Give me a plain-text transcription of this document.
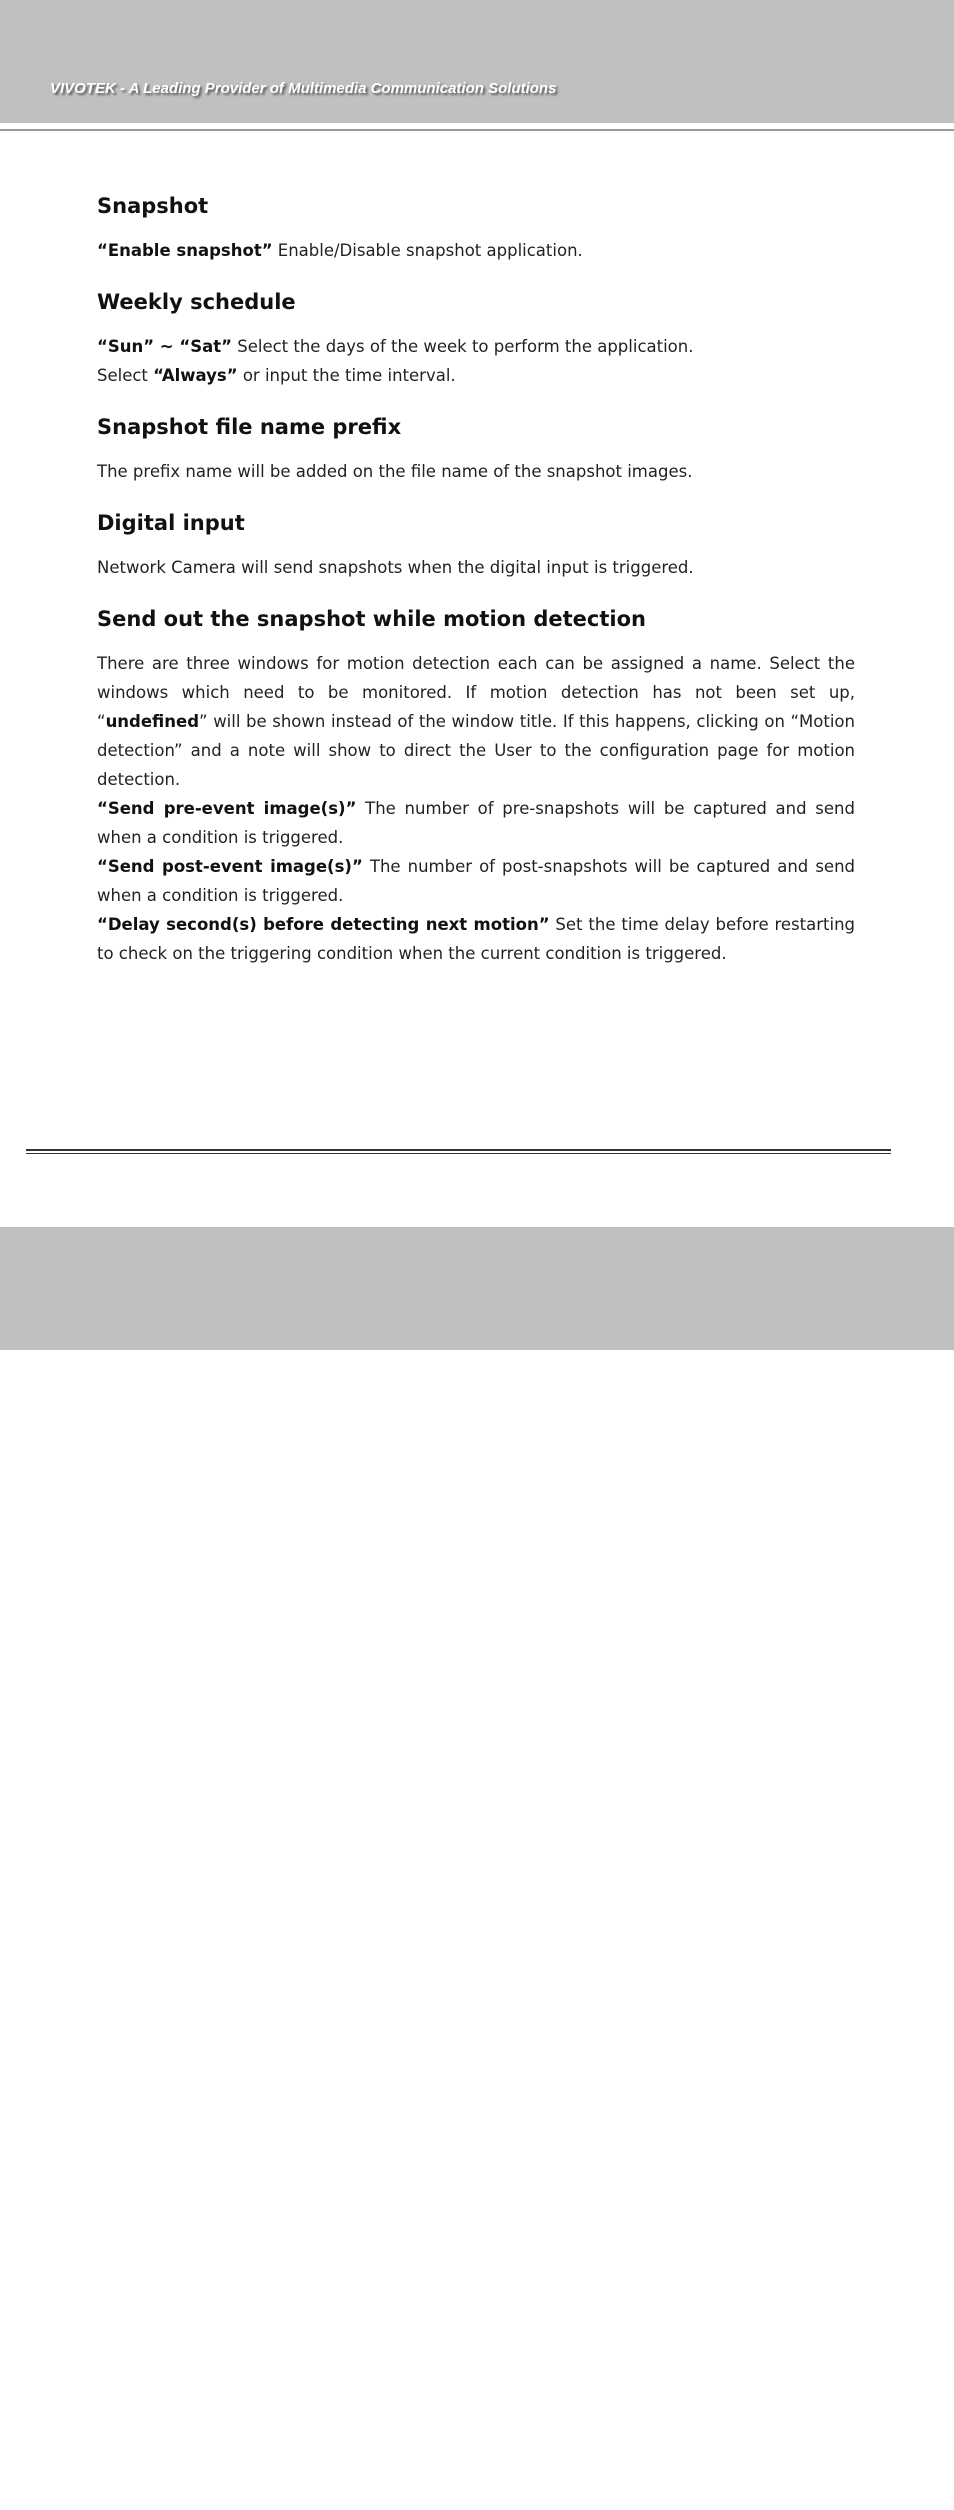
VIVOTEK - A Leading Provider of Multimedia Communication Solutions
Snapshot

“Enable snapshot” Enable/Disable snapshot application.

Weekly schedule

“Sun” ~ “Sat” Select the days of the week to perform the application.

Select “Always” or input the time interval.

Snapshot file name prefix

The prefix name will be added on the file name of the snapshot images.

Digital input

Network Camera will send snapshots when the digital input is triggered.

Send out the snapshot while motion detection

There are three windows for motion detection each can be assigned a name. Select the windows which need to be monitored. If motion detection has not been set up, “undefined” will be shown instead of the window title. If this happens, clicking on “Motion detection” and a note will show to direct the User to the configuration page for motion detection.

“Send pre-event image(s)” The number of pre-snapshots will be captured and send when a condition is triggered.

“Send post-event image(s)” The number of post-snapshots will be captured and send when a condition is triggered.

“Delay second(s) before detecting next motion” Set the time delay before restarting to check on the triggering condition when the current condition is triggered.

39 - User's Manual
